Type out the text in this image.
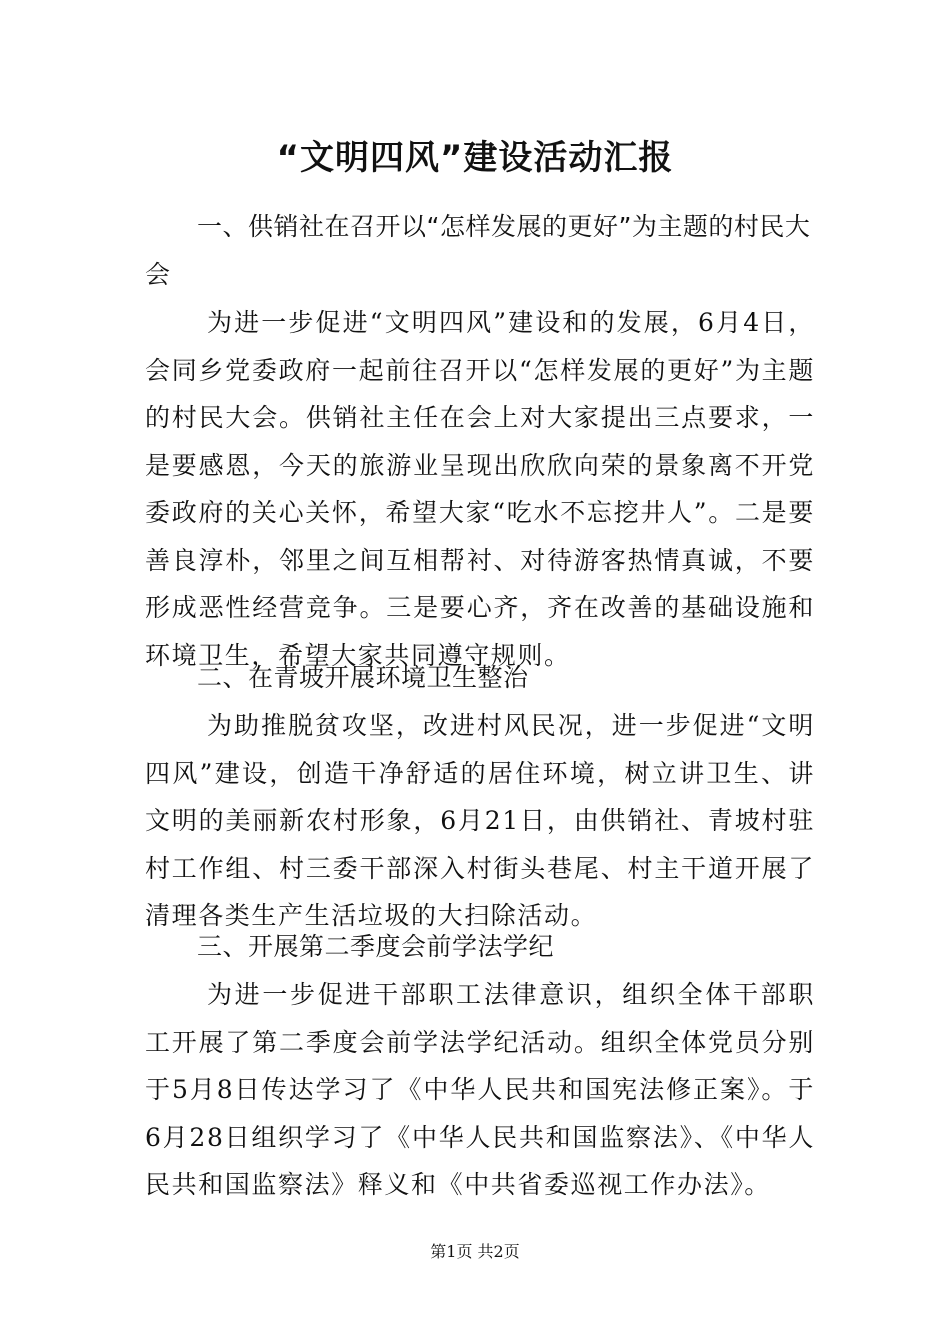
“文明四风”建设活动汇报

一、供销社在召开以“怎样发展的更好”为主题的村民大会

为进一步促进“文明四风”建设和的发展，6月4日，会同乡党委政府一起前往召开以“怎样发展的更好”为主题的村民大会。供销社主任在会上对大家提出三点要求，一是要感恩，今天的旅游业呈现出欣欣向荣的景象离不开党委政府的关心关怀，希望大家“吃水不忘挖井人”。二是要善良淳朴，邻里之间互相帮衬、对待游客热情真诚，不要形成恶性经营竞争。三是要心齐，齐在改善的基础设施和环境卫生，希望大家共同遵守规则。

二、在青坡开展环境卫生整治

为助推脱贫攻坚，改进村风民况，进一步促进“文明四风”建设，创造干净舒适的居住环境，树立讲卫生、讲文明的美丽新农村形象，6月21日，由供销社、青坡村驻村工作组、村三委干部深入村街头巷尾、村主干道开展了清理各类生产生活垃圾的大扫除活动。

三、开展第二季度会前学法学纪

为进一步促进干部职工法律意识，组织全体干部职工开展了第二季度会前学法学纪活动。组织全体党员分别于5月8日传达学习了《中华人民共和国宪法修正案》。于6月28日组织学习了《中华人民共和国监察法》、《中华人民共和国监察法》释义和《中共省委巡视工作办法》。

第1页 共2页
